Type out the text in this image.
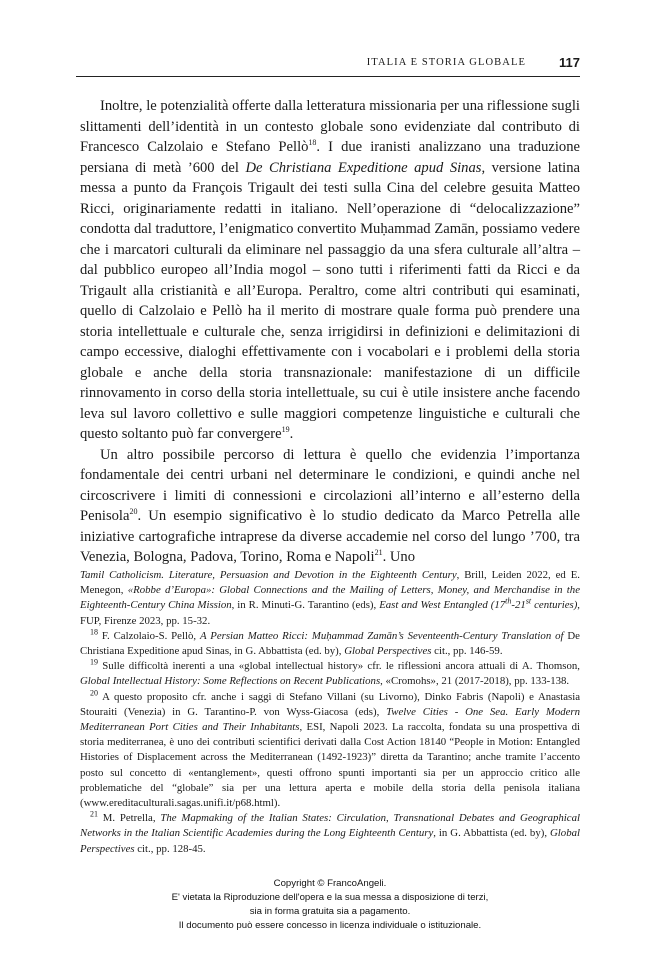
ITALIA E STORIA GLOBALE	117

Inoltre, le potenzialità offerte dalla letteratura missionaria per una riflessione sugli slittamenti dell’identità in un contesto globale sono evidenziate dal contributo di Francesco Calzolaio e Stefano Pellò$^{18}$. I due iranisti analizzano una traduzione persiana di metà ’600 del De Christiana Expeditione apud Sinas, versione latina messa a punto da François Trigault dei testi sulla Cina del celebre gesuita Matteo Ricci, originariamente redatti in italiano. Nell’operazione di “delocalizzazione” condotta dal traduttore, l’enigmatico convertito Muḥammad Zamān, possiamo vedere che i marcatori culturali da eliminare nel passaggio da una sfera culturale all’altra – dal pubblico europeo all’India mogol – sono tutti i riferimenti fatti da Ricci e da Trigault alla cristianità e all’Europa. Peraltro, come altri contributi qui esaminati, quello di Calzolaio e Pellò ha il merito di mostrare quale forma può prendere una storia intellettuale e culturale che, senza irrigidirsi in definizioni e delimitazioni di campo eccessive, dialoghi effettivamente con i vocabolari e i problemi della storia globale e anche della storia transnazionale: manifestazione di un difficile rinnovamento in corso della storia intellettuale, su cui è utile insistere anche facendo leva sul lavoro collettivo e sulle maggiori competenze linguistiche e culturali che questo soltanto può far convergere$^{19}$.

Un altro possibile percorso di lettura è quello che evidenzia l’importanza fondamentale dei centri urbani nel determinare le condizioni, e quindi anche nel circoscrivere i limiti di connessioni e circolazioni all’interno e all’esterno della Penisola$^{20}$. Un esempio significativo è lo studio dedicato da Marco Petrella alle iniziative cartografiche intraprese da diverse accademie nel corso del lungo ’700, tra Venezia, Bologna, Padova, Torino, Roma e Napoli$^{21}$. Uno

Tamil Catholicism. Literature, Persuasion and Devotion in the Eighteenth Century, Brill, Leiden 2022, ed E. Menegon, «Robbe d’Europa»: Global Connections and the Mailing of Letters, Money, and Merchandise in the Eighteenth-Century China Mission, in R. Minuti-G. Tarantino (eds), East and West Entangled (17th-21st centuries), FUP, Firenze 2023, pp. 15-32.

$^{18}$ F. Calzolaio-S. Pellò, A Persian Matteo Ricci: Muḥammad Zamān’s Seventeenth-Century Translation of De Christiana Expeditione apud Sinas, in G. Abbattista (ed. by), Global Perspectives cit., pp. 146-59.

$^{19}$ Sulle difficoltà inerenti a una «global intellectual history» cfr. le riflessioni ancora attuali di A. Thomson, Global Intellectual History: Some Reflections on Recent Publications, «Cromohs», 21 (2017-2018), pp. 133-138.

$^{20}$ A questo proposito cfr. anche i saggi di Stefano Villani (su Livorno), Dinko Fabris (Napoli) e Anastasia Stouraiti (Venezia) in G. Tarantino-P. von Wyss-Giacosa (eds), Twelve Cities - One Sea. Early Modern Mediterranean Port Cities and Their Inhabitants, ESI, Napoli 2023. La raccolta, fondata su una prospettiva di storia mediterranea, è uno dei contributi scientifici derivati dalla Cost Action 18140 “People in Motion: Entangled Histories of Displacement across the Mediterranean (1492-1923)” diretta da Tarantino; anche tramite l’accento posto sul concetto di «entanglement», questi offrono spunti importanti sia per un approccio critico alle problematiche del “globale” sia per una lettura aperta e mobile della storia della penisola italiana (www.ereditaculturali.sagas.unifi.it/p68.html).

$^{21}$ M. Petrella, The Mapmaking of the Italian States: Circulation, Transnational Debates and Geographical Networks in the Italian Scientific Academies during the Long Eighteenth Century, in G. Abbattista (ed. by), Global Perspectives cit., pp. 128-45.

Copyright © FrancoAngeli.
E' vietata la Riproduzione dell'opera e la sua messa a disposizione di terzi,
sia in forma gratuita sia a pagamento.
Il documento può essere concesso in licenza individuale o istituzionale.
